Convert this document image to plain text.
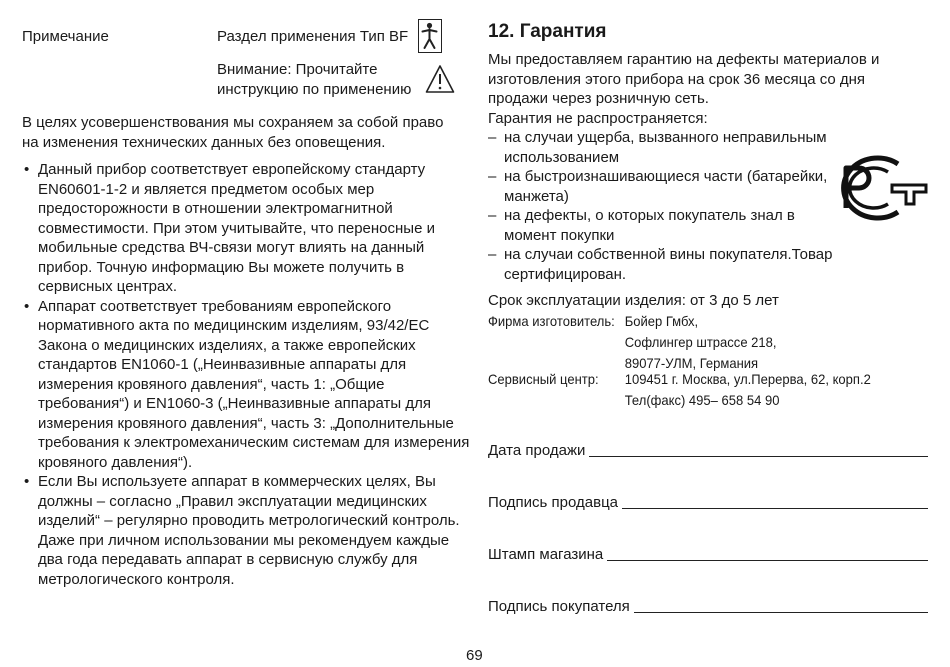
Примечание	Раздел применения Тип BF
Внимание: Прочитайте
инструкцию по применению
В целях усовершенствования мы сохраняем за собой право на изменения технических данных без оповещения.
• Данный прибор соответствует европейскому стандарту EN60601-1-2 и является предметом особых мер предосторожности в отношении электромагнитной совместимости. При этом учитывайте, что переносные и мобильные средства ВЧ-связи могут влиять на данный прибор. Точную информацию Вы можете получить в сервисных центрах.
• Аппарат соответствует требованиям европейского нормативного акта по медицинским изделиям, 93/42/EC Закона о медицинских изделиях, а также европейских стандартов EN1060-1 („Неинвазивные аппараты для измерения кровяного давления“, часть 1: „Общие требования“) и EN1060-3 („Неинвазивные аппараты для измерения кровяного давления“, часть 3: „Дополнительные требования к электромеханическим системам для измерения кровяного давления“).
• Если Вы используете аппарат в коммерческих целях, Вы должны – согласно „Правил эксплуатации медицинских изделий“ – регулярно проводить метрологический контроль. Даже при личном использовании мы рекомендуем каждые два года передавать аппарат в сервисную службу для метрологического контроля.
12. Гарантия
Мы предоставляем гарантию на дефекты материалов и изготовления этого прибора на срок 36 месяца со дня продажи через розничную сеть.
Гарантия не распространяется:
– на случаи ущерба, вызванного неправильным использованием
– на быстроизнашивающиеся части (батарейки, манжета)
– на дефекты, о которых покупатель знал в момент покупки
– на случаи собственной вины покупателя.Товар сертифицирован.
Срок эксплуатации изделия: от 3 до 5 лет
Фирма изготовитель: Бойер Гмбх,
Софлингер штрассе 218,
89077-УЛМ, Германия
Сервисный центр:	109451 г. Москва, ул.Перерва, 62, корп.2
Тел(факс) 495– 658 54 90
Дата продажи
Подпись продавца
Штамп магазина
Подпись покупателя
69
